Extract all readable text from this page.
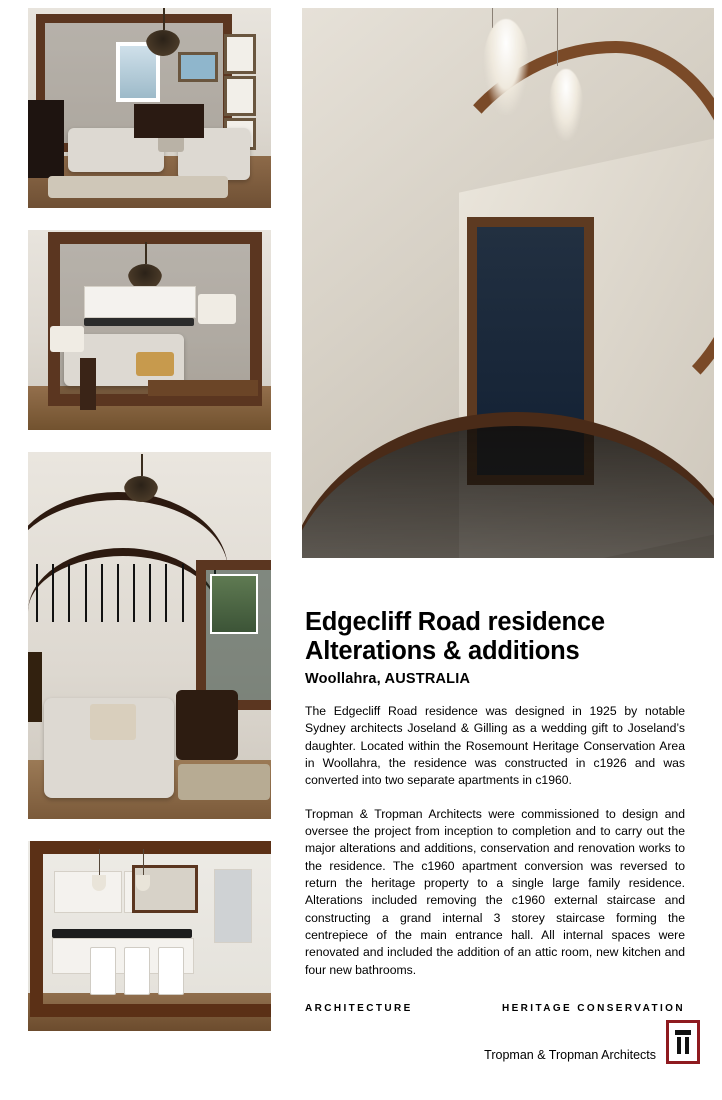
Edgecliff Road residence
Alterations & additions
Woollahra, AUSTRALIA

The Edgecliff Road residence was designed in 1925 by notable Sydney architects Joseland & Gilling as a wedding gift to Joseland’s daughter. Located within the Rosemount Heritage Conservation Area in Woollahra, the residence was constructed in c1926 and was converted into two separate apartments in c1960.

Tropman & Tropman Architects were commissioned to design and oversee the project from inception to completion and to carry out the major alterations and additions, conservation and renovation works to the residence. The c1960 apartment conversion was reversed to return the heritage property to a single large family residence. Alterations included removing the c1960 external staircase and constructing a grand internal 3 storey staircase forming the centrepiece of the main entrance hall. All internal spaces were renovated and included the addition of an attic room, new kitchen and four new bathrooms.

ARCHITECTURE	HERITAGE CONSERVATION
Tropman & Tropman Architects
